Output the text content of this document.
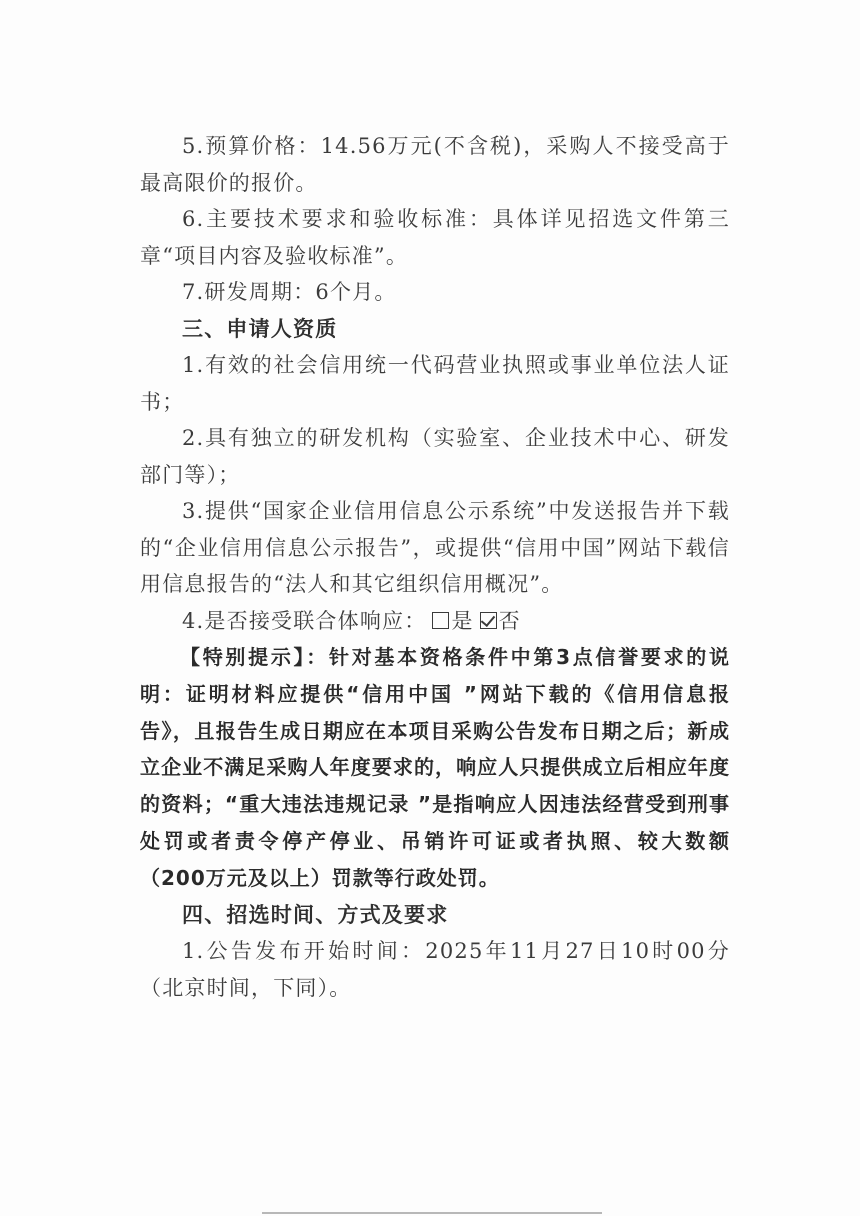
5.预算价格：14.56万元(不含税)，采购人不接受高于最高限价的报价。

6.主要技术要求和验收标准：具体详见招选文件第三章“项目内容及验收标准”。

7.研发周期：6个月。

三、申请人资质

1.有效的社会信用统一代码营业执照或事业单位法人证书；

2.具有独立的研发机构（实验室、企业技术中心、研发部门等）；

3.提供“国家企业信用信息公示系统”中发送报告并下载的“企业信用信息公示报告”，或提供“信用中国”网站下载信用信息报告的“法人和其它组织信用概况”。

4.是否接受联合体响应： 是 否

【特别提示】：针对基本资格条件中第3点信誉要求的说明：证明材料应提供“信用中国 ”网站下载的《信用信息报告》，且报告生成日期应在本项目采购公告发布日期之后；新成立企业不满足采购人年度要求的，响应人只提供成立后相应年度的资料；“重大违法违规记录 ”是指响应人因违法经营受到刑事处罚或者责令停产停业、吊销许可证或者执照、较大数额（200万元及以上）罚款等行政处罚。

四、招选时间、方式及要求

1.公告发布开始时间：2025年11月27日10时00分（北京时间，下同）。
